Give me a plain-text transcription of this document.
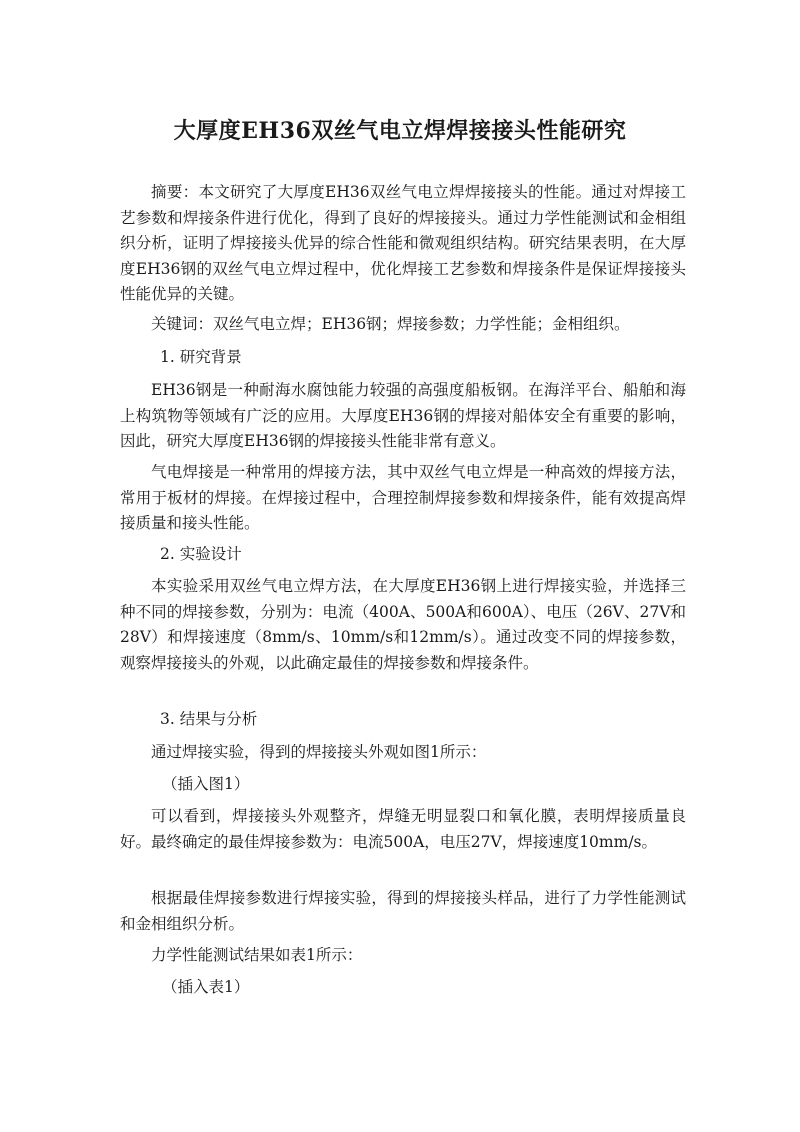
大厚度EH36双丝气电立焊焊接接头性能研究
摘要：本文研究了大厚度EH36双丝气电立焊焊接接头的性能。通过对焊接工艺参数和焊接条件进行优化，得到了良好的焊接接头。通过力学性能测试和金相组织分析，证明了焊接接头优异的综合性能和微观组织结构。研究结果表明，在大厚度EH36钢的双丝气电立焊过程中，优化焊接工艺参数和焊接条件是保证焊接接头性能优异的关键。
关键词：双丝气电立焊；EH36钢；焊接参数；力学性能；金相组织。
1. 研究背景
EH36钢是一种耐海水腐蚀能力较强的高强度船板钢。在海洋平台、船舶和海上构筑物等领域有广泛的应用。大厚度EH36钢的焊接对船体安全有重要的影响，因此，研究大厚度EH36钢的焊接接头性能非常有意义。
气电焊接是一种常用的焊接方法，其中双丝气电立焊是一种高效的焊接方法，常用于板材的焊接。在焊接过程中，合理控制焊接参数和焊接条件，能有效提高焊接质量和接头性能。
2. 实验设计
本实验采用双丝气电立焊方法，在大厚度EH36钢上进行焊接实验，并选择三种不同的焊接参数，分别为：电流（400A、500A和600A）、电压（26V、27V和28V）和焊接速度（8mm/s、10mm/s和12mm/s）。通过改变不同的焊接参数，观察焊接接头的外观，以此确定最佳的焊接参数和焊接条件。
3. 结果与分析
通过焊接实验，得到的焊接接头外观如图1所示：
（插入图1）
可以看到，焊接接头外观整齐，焊缝无明显裂口和氧化膜，表明焊接质量良好。最终确定的最佳焊接参数为：电流500A，电压27V，焊接速度10mm/s。
根据最佳焊接参数进行焊接实验，得到的焊接接头样品，进行了力学性能测试和金相组织分析。
力学性能测试结果如表1所示：
（插入表1）
